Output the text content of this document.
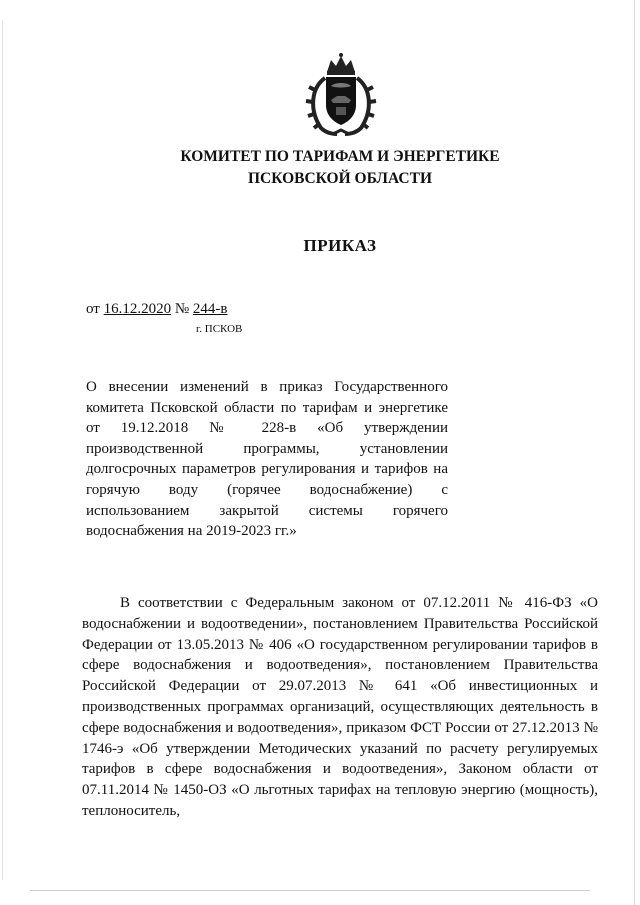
КОМИТЕТ ПО ТАРИФАМ И ЭНЕРГЕТИКЕ
ПСКОВСКОЙ ОБЛАСТИ
ПРИКАЗ
от 16.12.2020 № 244-в
г. ПСКОВ
О внесении изменений в приказ Государственного комитета Псковской области по тарифам и энергетике от 19.12.2018 № 228-в «Об утверждении производственной программы, установлении долгосрочных параметров регулирования и тарифов на горячую воду (горячее водоснабжение) с использованием закрытой системы горячего водоснабжения на 2019-2023 гг.»
В соответствии с Федеральным законом от 07.12.2011 № 416-ФЗ «О водоснабжении и водоотведении», постановлением Правительства Российской Федерации от 13.05.2013 № 406 «О государственном регулировании тарифов в сфере водоснабжения и водоотведения», постановлением Правительства Российской Федерации от 29.07.2013 № 641 «Об инвестиционных и производственных программах организаций, осуществляющих деятельность в сфере водоснабжения и водоотведения», приказом ФСТ России от 27.12.2013 № 1746-э «Об утверждении Методических указаний по расчету регулируемых тарифов в сфере водоснабжения и водоотведения», Законом области от 07.11.2014 № 1450-ОЗ «О льготных тарифах на тепловую энергию (мощность), теплоноситель,
